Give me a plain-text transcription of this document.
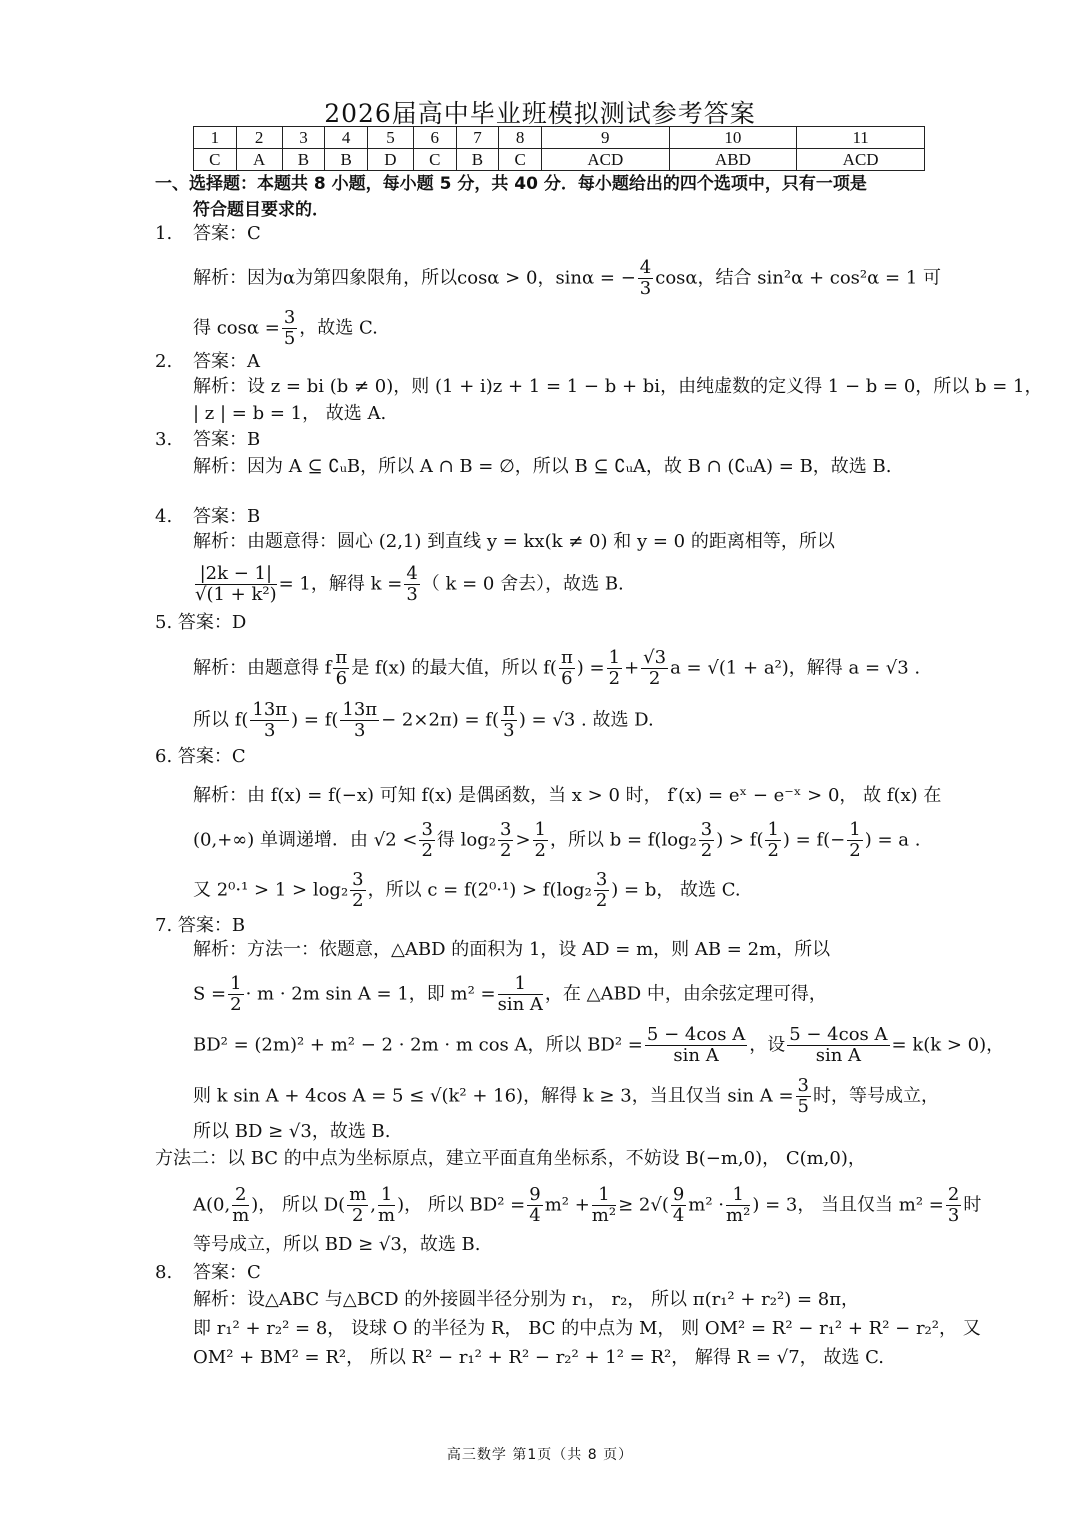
2026届高中毕业班模拟测试参考答案
1	2	3	4	5	6	7	8	9	10	11
C	A	B	B	D	C	B	C	ACD	ABD	ACD
一、选择题：本题共 8 小题，每小题 5 分，共 40 分．每小题给出的四个选项中，只有一项是
符合题目要求的．
1. 答案：C
解析：因为α为第四象限角，所以cosα > 0，sinα = − $\frac{4}{3}$ cosα，结合 sin²α + cos²α = 1 可
得 $\cos\alpha = \frac{3}{5}$ ，故选 C.
2. 答案：A
解析：设 z = bi (b ≠ 0)，则 (1 + i)z + 1 = 1 − b + bi，由纯虚数的定义得 1 − b = 0，所以 b = 1，
| z | = b = 1， 故选 A.
3. 答案：B
解析：因为 A ⊆ ∁ᵤB，所以 A ∩ B = ∅，所以 B ⊆ ∁ᵤA，故 B ∩ (∁ᵤA) = B，故选 B.
4. 答案：B
解析：由题意得：圆心 (2,1) 到直线 y = kx(k ≠ 0) 和 y = 0 的距离相等，所以
$\frac{|2k - 1|}{\text{√(1 + k²)}} = 1$，解得 $k = \frac{4}{3}$ （ k = 0 舍去），故选 B.
5. 答案：D
解析：由题意得 f $\frac{\pi}{6}$ 是 f(x) 的最大值，所以 $f( \frac{\pi}{6}$ ) = $\frac{1}{2} + \frac{√3}{2}$ a = √(1 + a²)，解得 a = √3 .
所以 $f( \frac{13\pi}{3}$ ) = $f( \frac{13\pi}{3} - 2\times 2\pi) = f( \frac{\pi}{3}$ ) = √3 . 故选 D.
6. 答案：C
解析：由 f(x) = f(−x) 可知 f(x) 是偶函数，当 x > 0 时， f′(x) = eˣ − e⁻ˣ > 0， 故 f(x) 在
(0,+∞) 单调递增．由 $√2 < \frac{3}{2}$ 得 $\log_2 \frac{3}{2} > \frac{1}{2}$ ，所以 $b = f(\log_2 \frac{3}{2}$ ) > $f( \frac{1}{2}$ ) = $f(- \frac{1}{2}$ ) = a .
又 $2^0\cdot^1 > 1 > \log_2 \frac{3}{2}$ ，所以 $c = f(2^0\cdot^1) > f(\log_2 \frac{3}{2}$ ) = b， 故选 C.
7. 答案：B
解析：方法一：依题意，△ABD 的面积为 1，设 AD = m，则 AB = 2m，所以
$S = \frac{1}{2} \cdot m \cdot 2m$ sin A = 1，即 $m^2 = \frac{1}{\text{sin A}}$ ，在 △ABD 中，由余弦定理可得，
BD² = (2m)² + m² − 2 · 2m · m cos A，所以 $BD^2 = \frac{\text{5 − 4cos A}}{\text{sin A}}$ ，设 $\frac{\text{5 − 4cos A}}{\text{sin A}} = k(k > 0)$，
则 k sin A + 4cos A = 5 ≤ √(k² + 16)，解得 k ≥ 3，当且仅当 $\sin A = \frac{3}{5}$ 时，等号成立，
所以 BD ≥ √3，故选 B.
方法二：以 BC 的中点为坐标原点，建立平面直角坐标系，不妨设 B(−m,0)， C(m,0)，
A(0, $\frac{2}{m}$ )， 所以 $D( \frac{m}{2}$ , $\frac{1}{m}$ )， 所以 $BD^2 = \frac{9}{4} m^2 + \frac{1}{\text{m²}} \ge 2√( \frac{9}{4} m^2 \cdot \frac{1}{\text{m²}}$ ) = 3， 当且仅当 $m^2 = \frac{2}{3}$ 时
等号成立，所以 BD ≥ √3，故选 B.
8. 答案：C
解析：设△ABC 与△BCD 的外接圆半径分别为 r₁， r₂， 所以 π(r₁² + r₂²) = 8π，
即 r₁² + r₂² = 8， 设球 O 的半径为 R， BC 的中点为 M， 则 OM² = R² − r₁² + R² − r₂²， 又
OM² + BM² = R²， 所以 R² − r₁² + R² − r₂² + 1² = R²， 解得 R = √7， 故选 C.
高三数学 第1页（共 8 页）
